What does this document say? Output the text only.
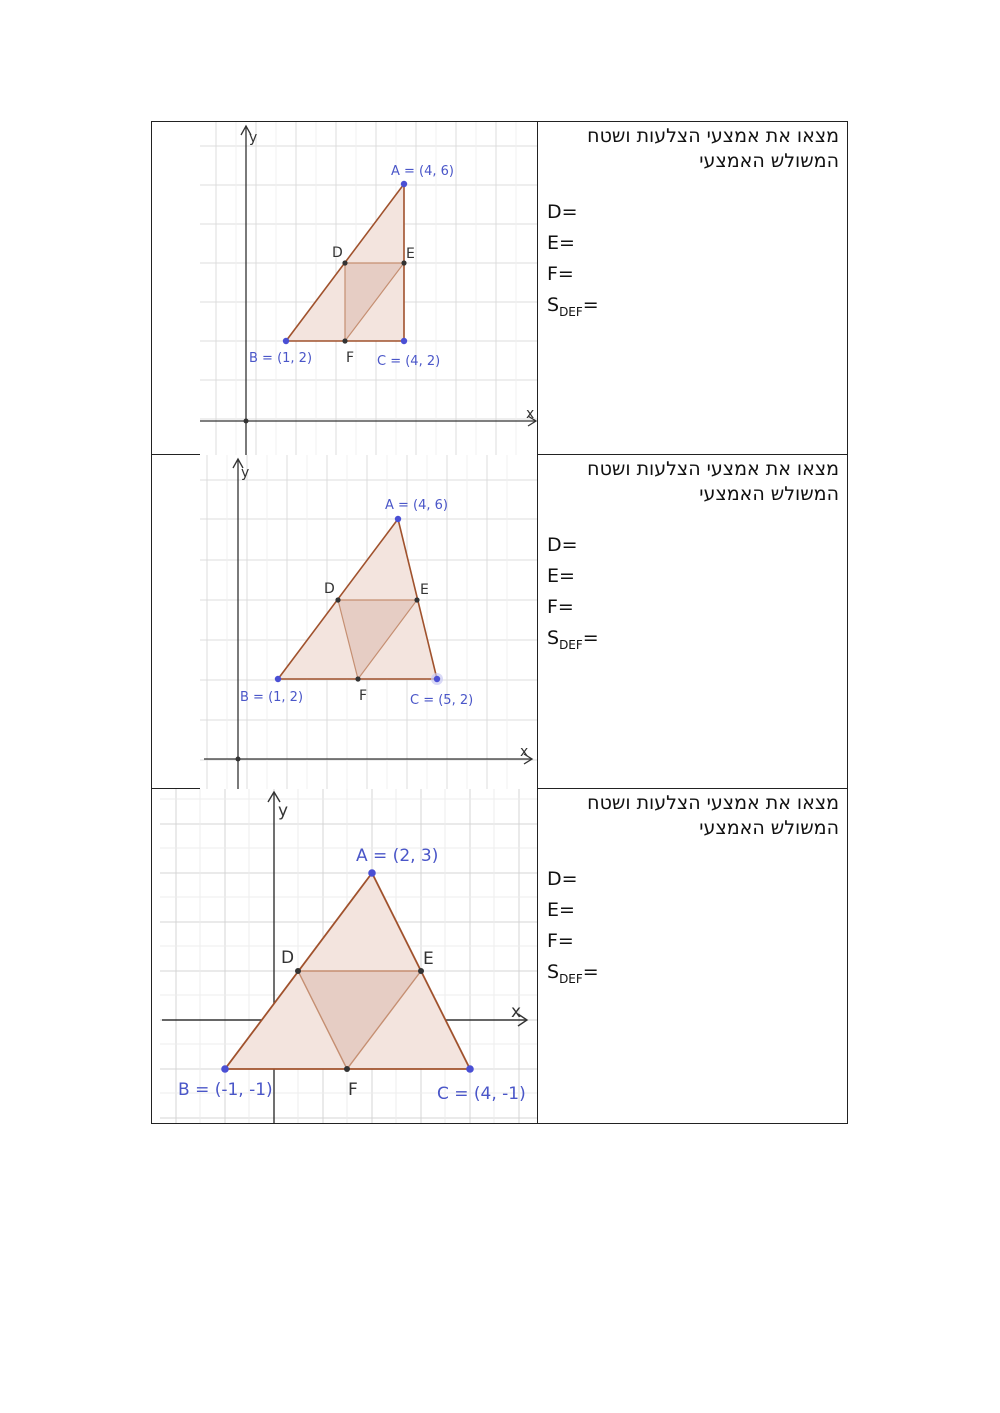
y
x
A = (4, 6)
B = (1, 2)	C = (4, 2)
D	E
F
מצאו את אמצעי הצלעות ושטח המשולש האמצעי
D=
E=
F=
$S_{DEF}=$
y
x
A = (4, 6)
B = (1, 2)	C = (5, 2)
D	E
F
מצאו את אמצעי הצלעות ושטח המשולש האמצעי
D=
E=
F=
$S_{DEF}=$
y
x
A = (2, 3)
B = (-1, -1)	C = (4, -1)
D	E
F
מצאו את אמצעי הצלעות ושטח המשולש האמצעי
D=
E=
F=
$S_{DEF}=$
